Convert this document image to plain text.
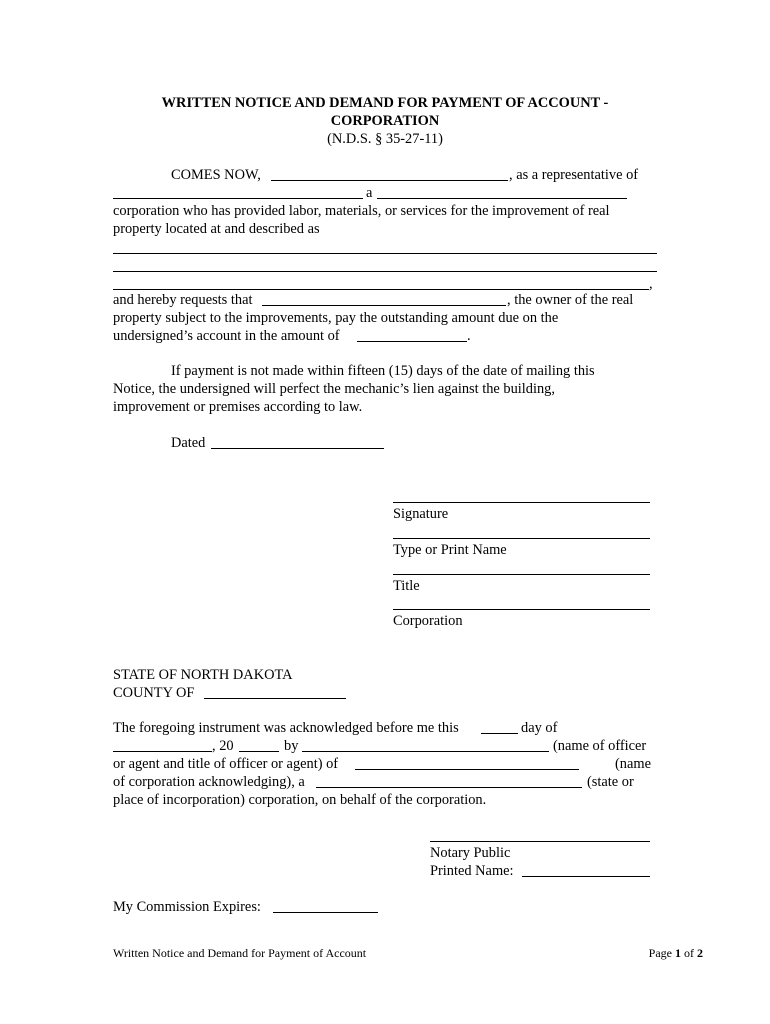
WRITTEN NOTICE AND DEMAND FOR PAYMENT OF ACCOUNT -
CORPORATION
(N.D.S. § 35-27-11)
COMES NOW,	, as a representative of
a
corporation who has provided labor, materials, or services for the improvement of real
property located at and described as
,
and hereby requests that	, the owner of the real
property subject to the improvements, pay the outstanding amount due on the
undersigned’s account in the amount of	.
If payment is not made within fifteen (15) days of the date of mailing this
Notice, the undersigned will perfect the mechanic’s lien against the building,
improvement or premises according to law.
Dated
Signature
Type or Print Name
Title
Corporation
STATE OF NORTH DAKOTA
COUNTY OF
The foregoing instrument was acknowledged before me this	day of
, 20	by	(name of officer
or agent and title of officer or agent) of	(name
of corporation acknowledging), a	(state or
place of incorporation) corporation, on behalf of the corporation.
Notary Public
Printed Name:
My Commission Expires:
Written Notice and Demand for Payment of Account	Page 1 of 2
